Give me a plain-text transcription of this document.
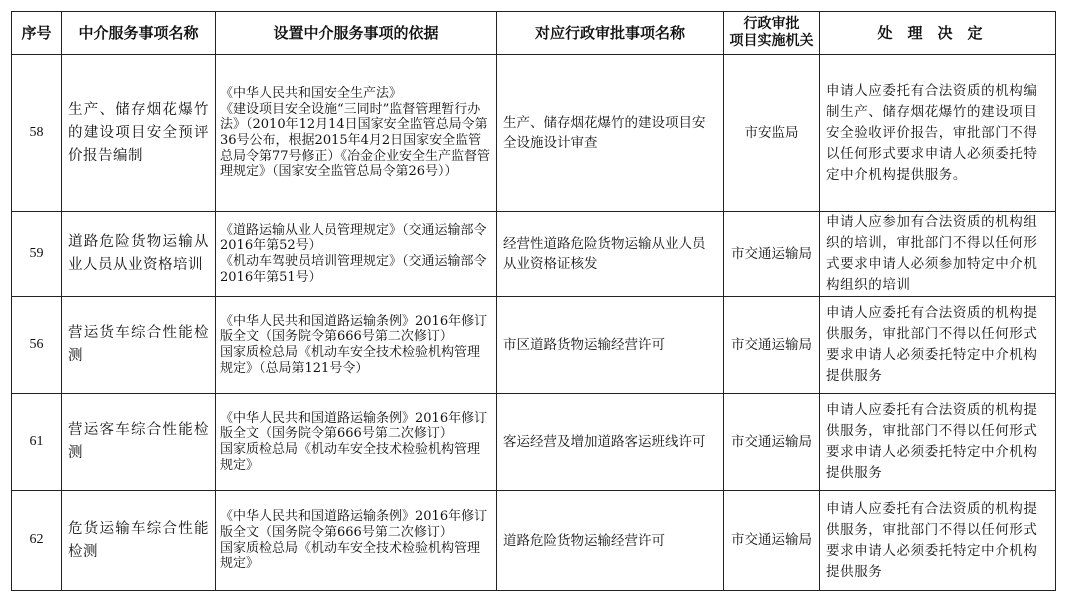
序号	中介服务事项名称	设置中介服务事项的依据	对应行政审批事项名称	行政审批
项目实施机关	处理决定
58	生产、储存烟花爆竹的建设项目安全预评价报告编制	《中华人民共和国安全生产法》
《建设项目安全设施“三同时”监督管理暂行办法》（2010年12月14日国家安全监管总局令第36号公布，根据2015年4月2日国家安全监管总局令第77号修正）《冶金企业安全生产监督管理规定》（国家安全监管总局令第26号））	生产、储存烟花爆竹的建设项目安全设施设计审查	市安监局	申请人应委托有合法资质的机构编制生产、储存烟花爆竹的建设项目安全验收评价报告，审批部门不得以任何形式要求申请人必须委托特定中介机构提供服务。
59	道路危险货物运输从业人员从业资格培训	《道路运输从业人员管理规定》（交通运输部令2016年第52号）
《机动车驾驶员培训管理规定》（交通运输部令2016年第51号）	经营性道路危险货物运输从业人员从业资格证核发	市交通运输局	申请人应参加有合法资质的机构组织的培训，审批部门不得以任何形式要求申请人必须参加特定中介机构组织的培训
56	营运货车综合性能检测	《中华人民共和国道路运输条例》2016年修订版全文（国务院令第666号第二次修订）
国家质检总局《机动车安全技术检验机构管理规定》（总局第121号令）	市区道路货物运输经营许可	市交通运输局	申请人应委托有合法资质的机构提供服务，审批部门不得以任何形式要求申请人必须委托特定中介机构提供服务
61	营运客车综合性能检测	《中华人民共和国道路运输条例》2016年修订版全文（国务院令第666号第二次修订）
国家质检总局《机动车安全技术检验机构管理规定》	客运经营及增加道路客运班线许可	市交通运输局	申请人应委托有合法资质的机构提供服务，审批部门不得以任何形式要求申请人必须委托特定中介机构提供服务
62	危货运输车综合性能检测	《中华人民共和国道路运输条例》2016年修订版全文（国务院令第666号第二次修订）
国家质检总局《机动车安全技术检验机构管理规定》	道路危险货物运输经营许可	市交通运输局	申请人应委托有合法资质的机构提供服务，审批部门不得以任何形式要求申请人必须委托特定中介机构提供服务
